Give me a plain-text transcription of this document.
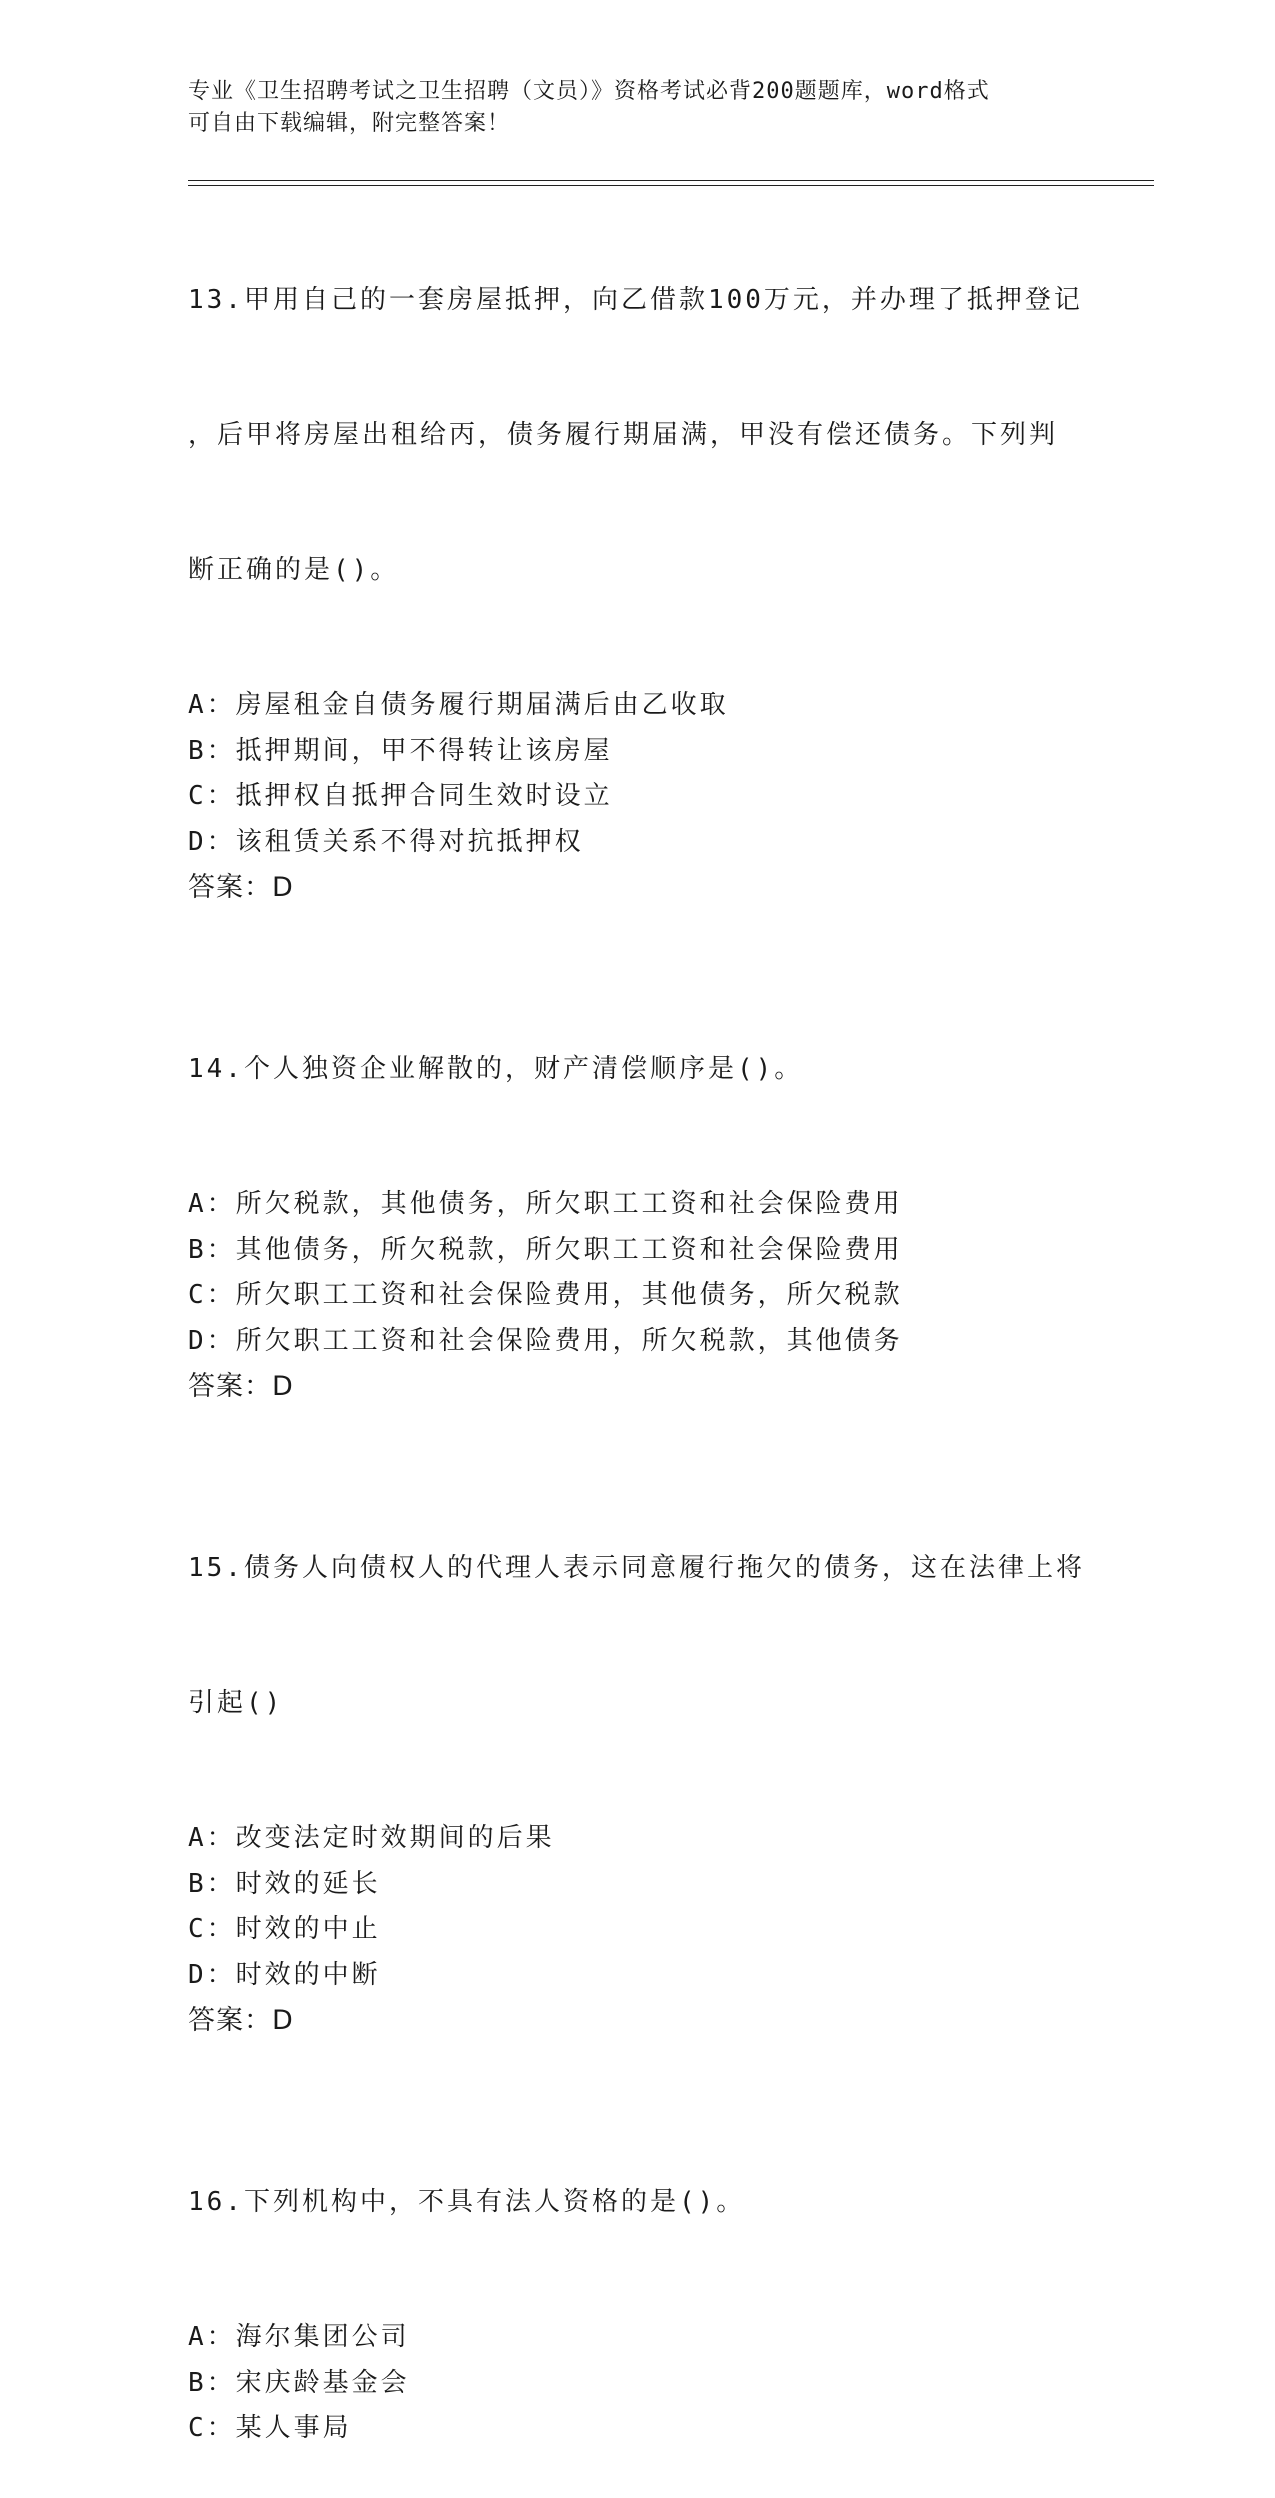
专业《卫生招聘考试之卫生招聘（文员）》资格考试必背200题题库，word格式
可自由下载编辑，附完整答案！

13.甲用自己的一套房屋抵押，向乙借款100万元，并办理了抵押登记

，后甲将房屋出租给丙，债务履行期届满，甲没有偿还债务。下列判

断正确的是()。

A：房屋租金自债务履行期届满后由乙收取
B：抵押期间，甲不得转让该房屋
C：抵押权自抵押合同生效时设立
D：该租赁关系不得对抗抵押权
答案：D

14.个人独资企业解散的，财产清偿顺序是()。

A：所欠税款，其他债务，所欠职工工资和社会保险费用
B：其他债务，所欠税款，所欠职工工资和社会保险费用
C：所欠职工工资和社会保险费用，其他债务，所欠税款
D：所欠职工工资和社会保险费用，所欠税款，其他债务
答案：D

15.债务人向债权人的代理人表示同意履行拖欠的债务，这在法律上将

引起()

A：改变法定时效期间的后果
B：时效的延长
C：时效的中止
D：时效的中断
答案：D

16.下列机构中，不具有法人资格的是()。

A：海尔集团公司
B：宋庆龄基金会
C：某人事局
